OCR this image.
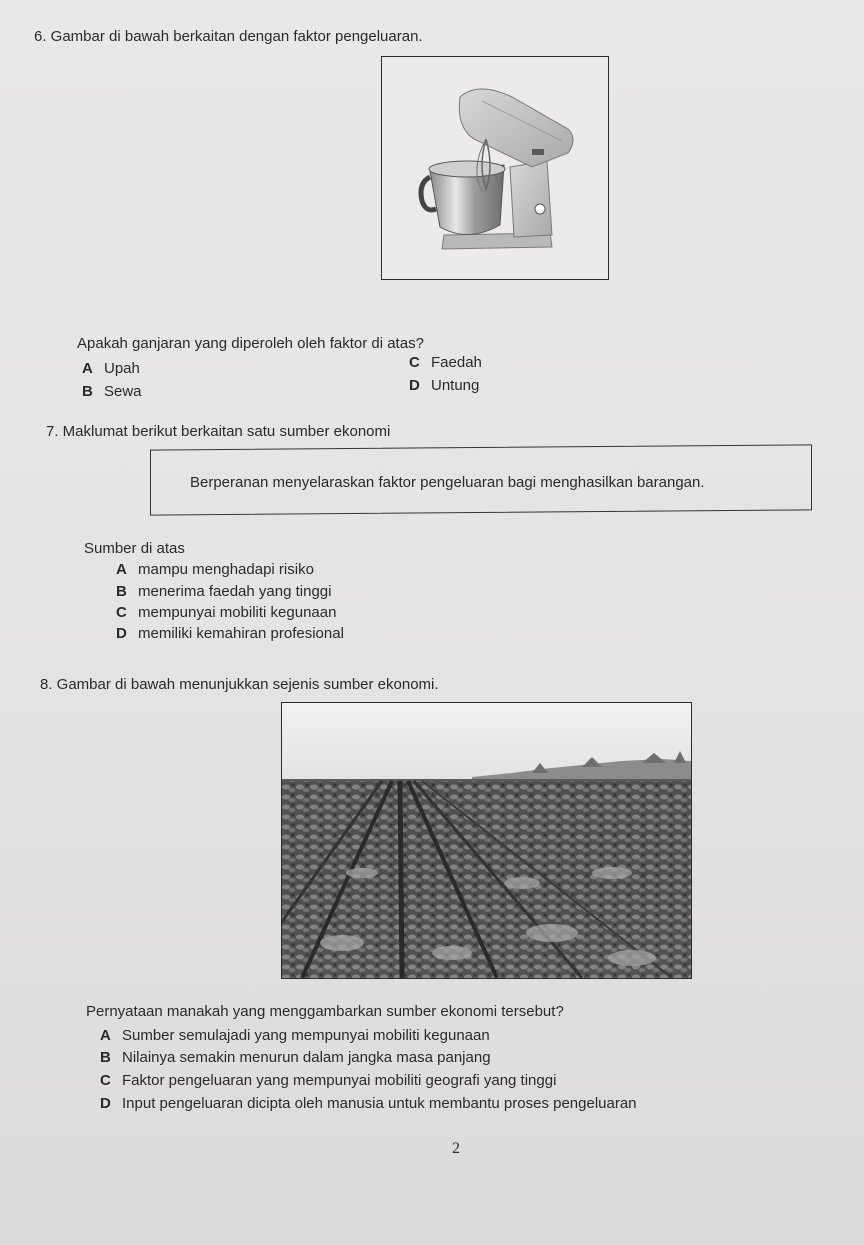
6. Gambar di bawah berkaitan dengan faktor pengeluaran.
Apakah ganjaran yang diperoleh oleh faktor di atas?
A Upah
B Sewa
C Faedah
D Untung
7. Maklumat berikut berkaitan satu sumber ekonomi
Berperanan menyelaraskan faktor pengeluaran bagi menghasilkan barangan.
Sumber di atas
A mampu menghadapi risiko
B menerima faedah yang tinggi
C mempunyai mobiliti kegunaan
D memiliki kemahiran profesional
8. Gambar di bawah menunjukkan sejenis sumber ekonomi.
Pernyataan manakah yang menggambarkan sumber ekonomi tersebut?
A Sumber semulajadi yang mempunyai mobiliti kegunaan
B Nilainya semakin menurun dalam jangka masa panjang
C Faktor pengeluaran yang mempunyai mobiliti geografi yang tinggi
D Input pengeluaran dicipta oleh manusia untuk membantu proses pengeluaran
2
